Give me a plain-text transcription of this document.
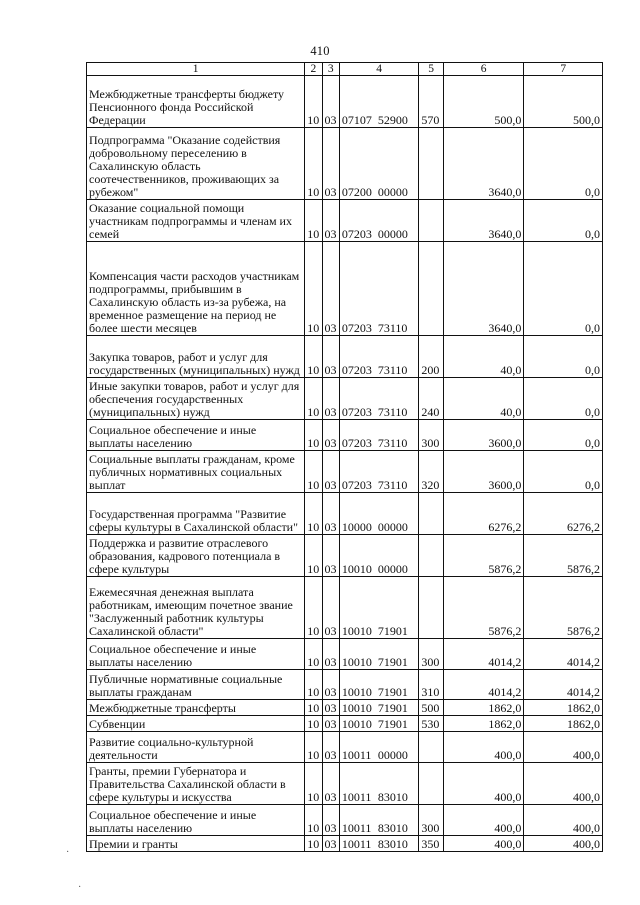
410
1	2	3	4	5	6	7
Межбюджетные трансферты бюджету Пенсионного фонда Российской Федерации	10	03	07107 52900	570	500,0	500,0
Подпрограмма "Оказание содействия добровольному переселению в Сахалинскую область соотечественников, проживающих за рубежом"	10	03	07200 00000		3640,0	0,0
Оказание социальной помощи участникам подпрограммы и членам их семей	10	03	07203 00000		3640,0	0,0
Компенсация части расходов участникам подпрограммы, прибывшим в Сахалинскую область из-за рубежа, на временное размещение на период не более шести месяцев	10	03	07203 73110		3640,0	0,0
Закупка товаров, работ и услуг для государственных (муниципальных) нужд	10	03	07203 73110	200	40,0	0,0
Иные закупки товаров, работ и услуг для обеспечения государственных (муниципальных) нужд	10	03	07203 73110	240	40,0	0,0
Социальное обеспечение и иные выплаты населению	10	03	07203 73110	300	3600,0	0,0
Социальные выплаты гражданам, кроме публичных нормативных социальных выплат	10	03	07203 73110	320	3600,0	0,0
Государственная программа "Развитие сферы культуры в Сахалинской области"	10	03	10000 00000		6276,2	6276,2
Поддержка и развитие отраслевого образования, кадрового потенциала в сфере культуры	10	03	10010 00000		5876,2	5876,2
Ежемесячная денежная выплата работникам, имеющим почетное звание "Заслуженный работник культуры Сахалинской области"	10	03	10010 71901		5876,2	5876,2
Социальное обеспечение и иные выплаты населению	10	03	10010 71901	300	4014,2	4014,2
Публичные нормативные социальные выплаты гражданам	10	03	10010 71901	310	4014,2	4014,2
Межбюджетные трансферты	10	03	10010 71901	500	1862,0	1862,0
Субвенции	10	03	10010 71901	530	1862,0	1862,0
Развитие социально-культурной деятельности	10	03	10011 00000		400,0	400,0
Гранты, премии Губернатора и Правительства Сахалинской области в сфере культуры и искусства	10	03	10011 83010		400,0	400,0
Социальное обеспечение и иные выплаты населению	10	03	10011 83010	300	400,0	400,0
Премии и гранты	10	03	10011 83010	350	400,0	400,0
·
·
